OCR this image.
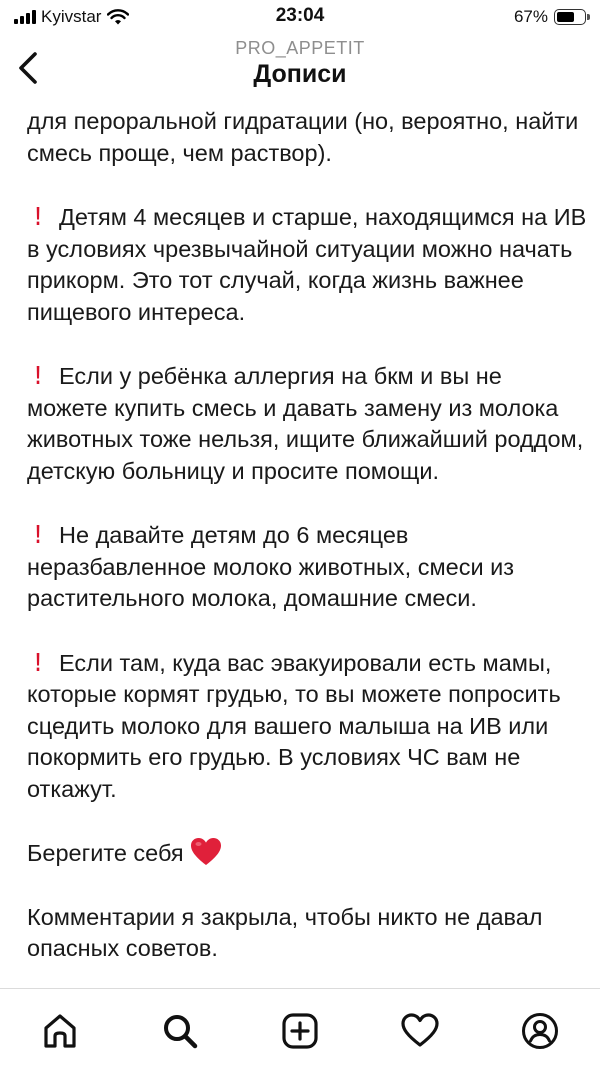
Kyivstar	23:04	67%
PRO_APPETIT
Дописи

для пероральной гидратации (но, вероятно, найти смесь проще, чем раствор).

! Детям 4 месяцев и старше, находящимся на ИВ в условиях чрезвычайной ситуации можно начать прикорм. Это тот случай, когда жизнь важнее пищевого интереса.

! Если у ребёнка аллергия на бкм и вы не можете купить смесь и давать замену из молока животных тоже нельзя, ищите ближайший роддом, детскую больницу и просите помощи.

! Не давайте детям до 6 месяцев неразбавленное молоко животных, смеси из растительного молока, домашние смеси.

! Если там, куда вас эвакуировали есть мамы, которые кормят грудью, то вы можете попросить сцедить молоко для вашего малыша на ИВ или покормить его грудью. В условиях ЧС вам не откажут.

Берегите себя

Комментарии я закрыла, чтобы никто не давал опасных советов.
